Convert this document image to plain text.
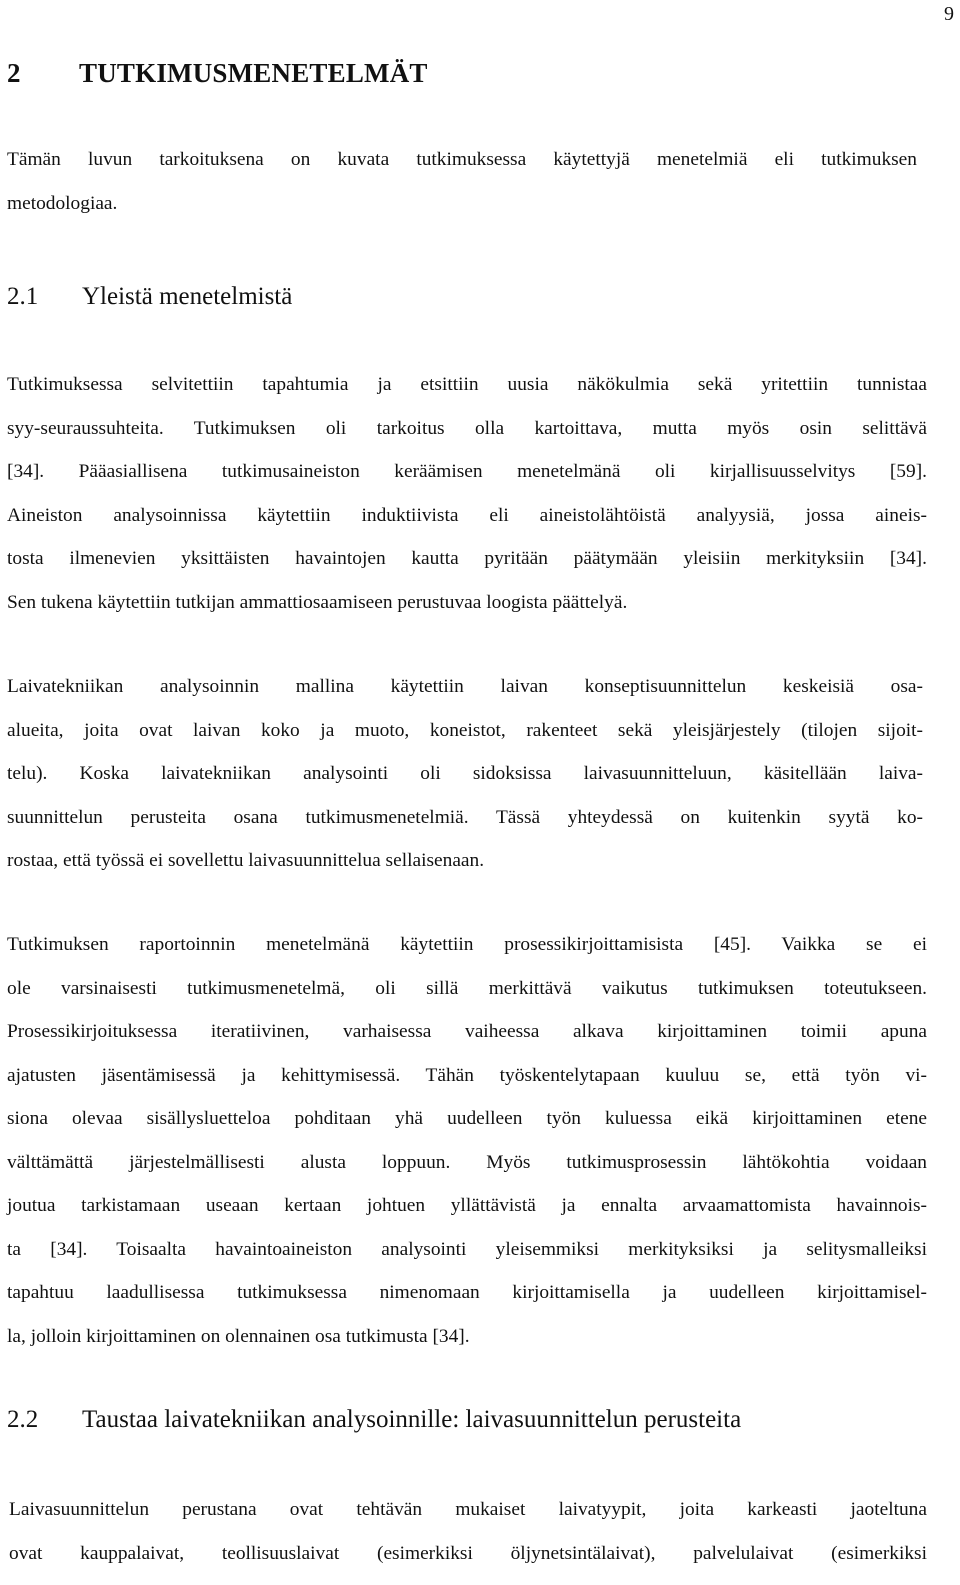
9
2 TUTKIMUSMENETELMÄT

Tämän luvun tarkoituksena on kuvata tutkimuksessa käytettyjä menetelmiä eli tutkimuksen
metodologiaa.

2.1 Yleistä menetelmistä

Tutkimuksessa selvitettiin tapahtumia ja etsittiin uusia näkökulmia sekä yritettiin tunnistaa
syy-seuraussuhteita. Tutkimuksen oli tarkoitus olla kartoittava, mutta myös osin selittävä
[34]. Pääasiallisena tutkimusaineiston keräämisen menetelmänä oli kirjallisuusselvitys [59].
Aineiston analysoinnissa käytettiin induktiivista eli aineistolähtöistä analyysiä, jossa aineis-
tosta ilmenevien yksittäisten havaintojen kautta pyritään päätymään yleisiin merkityksiin [34].
Sen tukena käytettiin tutkijan ammattiosaamiseen perustuvaa loogista päättelyä.

Laivatekniikan analysoinnin mallina käytettiin laivan konseptisuunnittelun keskeisiä osa-
alueita, joita ovat laivan koko ja muoto, koneistot, rakenteet sekä yleisjärjestely (tilojen sijoit-
telu). Koska laivatekniikan analysointi oli sidoksissa laivasuunnitteluun, käsitellään laiva-
suunnittelun perusteita osana tutkimusmenetelmiä. Tässä yhteydessä on kuitenkin syytä ko-
rostaa, että työssä ei sovellettu laivasuunnittelua sellaisenaan.

Tutkimuksen raportoinnin menetelmänä käytettiin prosessikirjoittamisista [45]. Vaikka se ei
ole varsinaisesti tutkimusmenetelmä, oli sillä merkittävä vaikutus tutkimuksen toteutukseen.
Prosessikirjoituksessa iteratiivinen, varhaisessa vaiheessa alkava kirjoittaminen toimii apuna
ajatusten jäsentämisessä ja kehittymisessä. Tähän työskentelytapaan kuuluu se, että työn vi-
siona olevaa sisällysluetteloa pohditaan yhä uudelleen työn kuluessa eikä kirjoittaminen etene
välttämättä järjestelmällisesti alusta loppuun. Myös tutkimusprosessin lähtökohtia voidaan
joutua tarkistamaan useaan kertaan johtuen yllättävistä ja ennalta arvaamattomista havainnois-
ta [34]. Toisaalta havaintoaineiston analysointi yleisemmiksi merkityksiksi ja selitysmalleiksi
tapahtuu laadullisessa tutkimuksessa nimenomaan kirjoittamisella ja uudelleen kirjoittamisel-
la, jolloin kirjoittaminen on olennainen osa tutkimusta [34].

2.2 Taustaa laivatekniikan analysoinnille: laivasuunnittelun perusteita

Laivasuunnittelun perustana ovat tehtävän mukaiset laivatyypit, joita karkeasti jaoteltuna
ovat kauppalaivat, teollisuuslaivat (esimerkiksi öljynetsintälaivat), palvelulaivat (esimerkiksi
